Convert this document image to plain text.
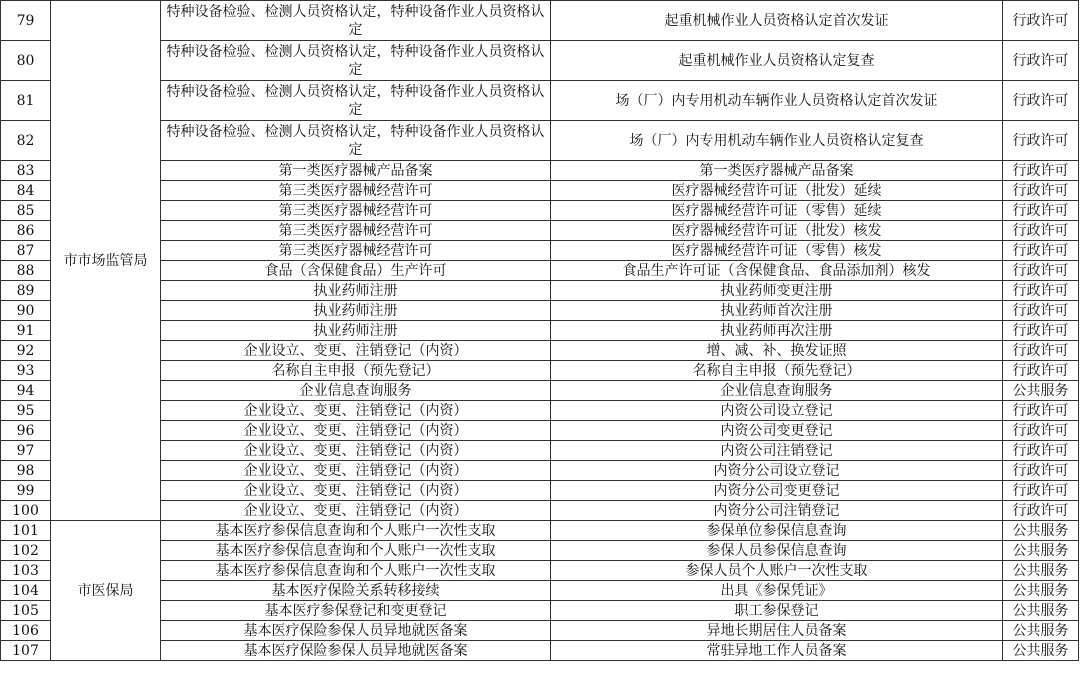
79	市市场监管局	特种设备检验、检测人员资格认定，特种设备作业人员资格认定	起重机械作业人员资格认定首次发证	行政许可
80		特种设备检验、检测人员资格认定，特种设备作业人员资格认定	起重机械作业人员资格认定复查	行政许可
81		特种设备检验、检测人员资格认定，特种设备作业人员资格认定	场（厂）内专用机动车辆作业人员资格认定首次发证	行政许可
82		特种设备检验、检测人员资格认定，特种设备作业人员资格认定	场（厂）内专用机动车辆作业人员资格认定复查	行政许可
83		第一类医疗器械产品备案	第一类医疗器械产品备案	行政许可
84		第三类医疗器械经营许可	医疗器械经营许可证（批发）延续	行政许可
85		第三类医疗器械经营许可	医疗器械经营许可证（零售）延续	行政许可
86		第三类医疗器械经营许可	医疗器械经营许可证（批发）核发	行政许可
87		第三类医疗器械经营许可	医疗器械经营许可证（零售）核发	行政许可
88		食品（含保健食品）生产许可	食品生产许可证（含保健食品、食品添加剂）核发	行政许可
89		执业药师注册	执业药师变更注册	行政许可
90		执业药师注册	执业药师首次注册	行政许可
91		执业药师注册	执业药师再次注册	行政许可
92		企业设立、变更、注销登记（内资）	增、减、补、换发证照	行政许可
93		名称自主申报（预先登记）	名称自主申报（预先登记）	行政许可
94		企业信息查询服务	企业信息查询服务	公共服务
95		企业设立、变更、注销登记（内资）	内资公司设立登记	行政许可
96		企业设立、变更、注销登记（内资）	内资公司变更登记	行政许可
97		企业设立、变更、注销登记（内资）	内资公司注销登记	行政许可
98		企业设立、变更、注销登记（内资）	内资分公司设立登记	行政许可
99		企业设立、变更、注销登记（内资）	内资分公司变更登记	行政许可
100		企业设立、变更、注销登记（内资）	内资分公司注销登记	行政许可
101	市医保局	基本医疗参保信息查询和个人账户一次性支取	参保单位参保信息查询	公共服务
102		基本医疗参保信息查询和个人账户一次性支取	参保人员参保信息查询	公共服务
103		基本医疗参保信息查询和个人账户一次性支取	参保人员个人账户一次性支取	公共服务
104		基本医疗保险关系转移接续	出具《参保凭证》	公共服务
105		基本医疗参保登记和变更登记	职工参保登记	公共服务
106		基本医疗保险参保人员异地就医备案	异地长期居住人员备案	公共服务
107		基本医疗保险参保人员异地就医备案	常驻异地工作人员备案	公共服务
